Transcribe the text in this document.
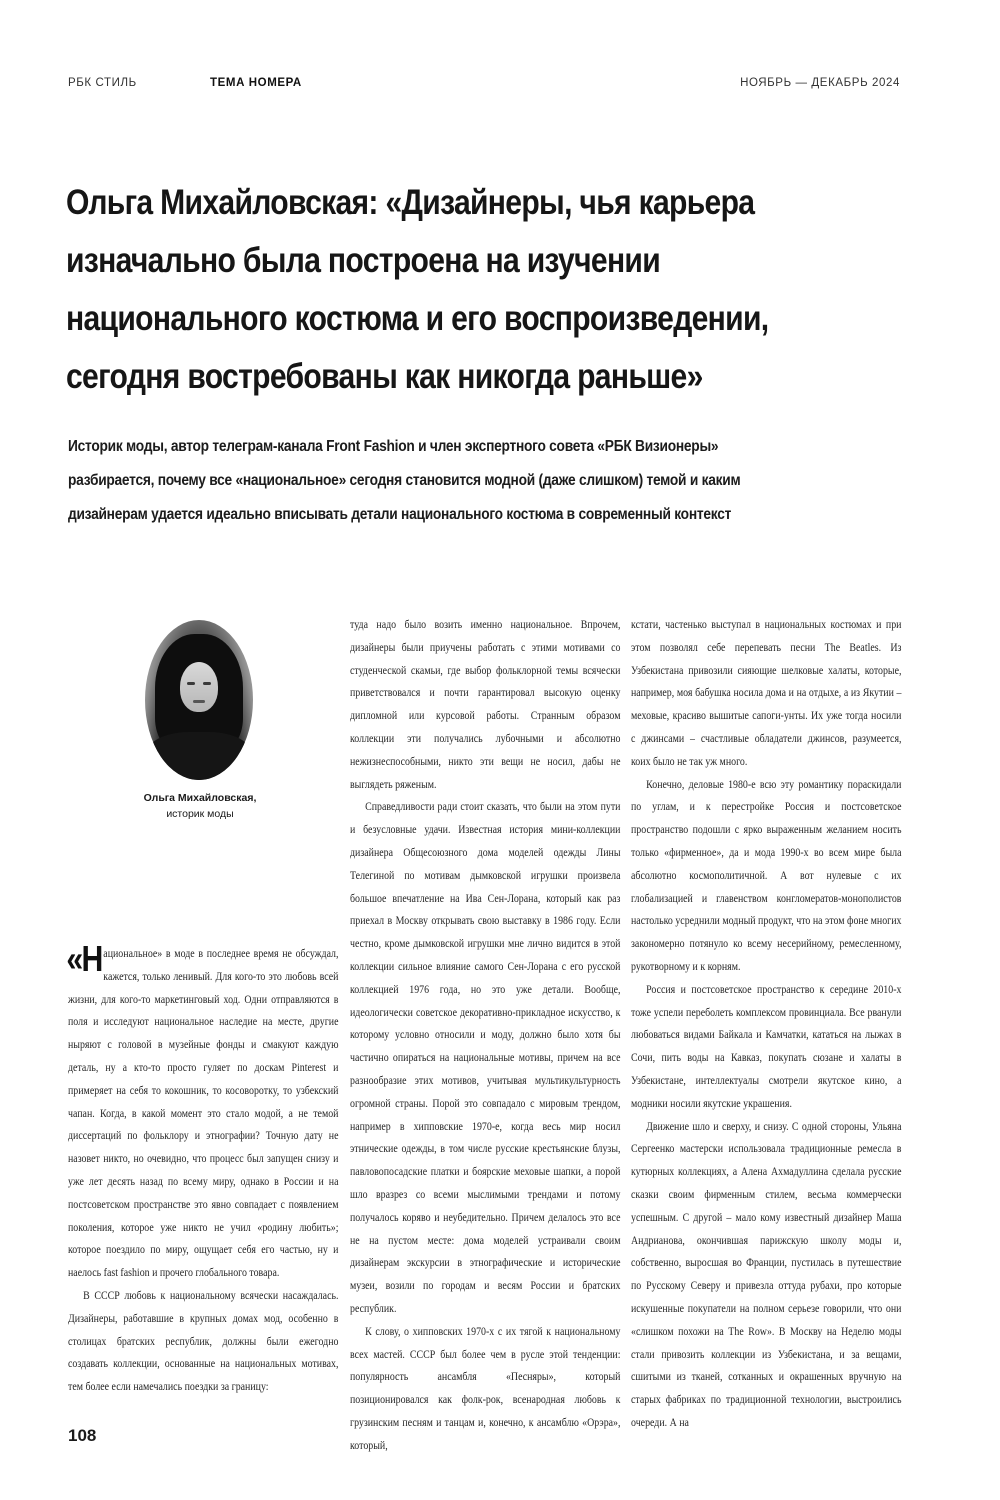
РБК СТИЛЬ	ТЕМА НОМЕРА	НОЯБРЬ — ДЕКАБРЬ 2024
Ольга Михайловская: «Дизайнеры, чья карьера
изначально была построена на изучении
национального костюма и его воспроизведении,
сегодня востребованы как никогда раньше»
Историк моды, автор телеграм-канала Front Fashion и член экспертного совета «РБК Визионеры»
разбирается, почему все «национальное» сегодня становится модной (даже слишком) темой и каким
дизайнерам удается идеально вписывать детали национального костюма в современный контекст
Ольга Михайловская,
историк моды

«Национальное» в моде в последнее время не обсуждал, кажется, только ленивый. Для кого-то это любовь всей жизни, для кого-то маркетинговый ход. Одни отправляются в поля и исследуют национальное наследие на месте, другие ныряют с головой в музейные фонды и смакуют каждую деталь, ну а кто-то просто гуляет по доскам Pinterest и примеряет на себя то кокошник, то косоворотку, то узбекский чапан. Когда, в какой момент это стало модой, а не темой диссертаций по фольклору и этнографии? Точную дату не назовет никто, но очевидно, что процесс был запущен снизу и уже лет десять назад по всему миру, однако в России и на постсоветском пространстве это явно совпадает с появлением поколения, которое уже никто не учил «родину любить»; которое поездило по миру, ощущает себя его частью, ну и наелось fast fashion и прочего глобального товара.

В СССР любовь к национальному всячески насаждалась. Дизайнеры, работавшие в крупных домах мод, особенно в столицах братских республик, должны были ежегодно создавать коллекции, основанные на национальных мотивах, тем более если намечались поездки за границу:

туда надо было возить именно национальное. Впрочем, дизайнеры были приучены работать с этими мотивами со студенческой скамьи, где выбор фольклорной темы всячески приветствовался и почти гарантировал высокую оценку дипломной или курсовой работы. Странным образом коллекции эти получались лубочными и абсолютно нежизнеспособными, никто эти вещи не носил, дабы не выглядеть ряженым.

Справедливости ради стоит сказать, что были на этом пути и безусловные удачи. Известная история мини-коллекции дизайнера Общесоюзного дома моделей одежды Лины Телегиной по мотивам дымковской игрушки произвела большое впечатление на Ива Сен-Лорана, который как раз приехал в Москву открывать свою выставку в 1986 году. Если честно, кроме дымковской игрушки мне лично видится в этой коллекции сильное влияние самого Сен-Лорана с его русской коллекцией 1976 года, но это уже детали. Вообще, идеологически советское декоративно-прикладное искусство, к которому условно относили и моду, должно было хотя бы частично опираться на национальные мотивы, причем на все разнообразие этих мотивов, учитывая мультикультурность огромной страны. Порой это совпадало с мировым трендом, например в хипповские 1970-е, когда весь мир носил этнические одежды, в том числе русские крестьянские блузы, павловопосадские платки и боярские меховые шапки, а порой шло вразрез со всеми мыслимыми трендами и потому получалось коряво и неубедительно. Причем делалось это все не на пустом месте: дома моделей устраивали своим дизайнерам экскурсии в этнографические и исторические музеи, возили по городам и весям России и братских республик.

К слову, о хипповских 1970-х с их тягой к национальному всех мастей. СССР был более чем в русле этой тенденции: популярность ансамбля «Песняры», который позиционировался как фолк-рок, всенародная любовь к грузинским песням и танцам и, конечно, к ансамблю «Орэра», который,

кстати, частенько выступал в национальных костюмах и при этом позволял себе перепевать песни The Beatles. Из Узбекистана привозили сияющие шелковые халаты, которые, например, моя бабушка носила дома и на отдыхе, а из Якутии – меховые, красиво вышитые сапоги-унты. Их уже тогда носили с джинсами – счастливые обладатели джинсов, разумеется, коих было не так уж много.

Конечно, деловые 1980-е всю эту романтику пораскидали по углам, и к перестройке Россия и постсоветское пространство подошли с ярко выраженным желанием носить только «фирменное», да и мода 1990-х во всем мире была абсолютно космополитичной. А вот нулевые с их глобализацией и главенством конгломератов-монополистов настолько усреднили модный продукт, что на этом фоне многих закономерно потянуло ко всему несерийному, ремесленному, рукотворному и к корням.

Россия и постсоветское пространство к середине 2010-х тоже успели переболеть комплексом провинциала. Все рванули любоваться видами Байкала и Камчатки, кататься на лыжах в Сочи, пить воды на Кавказ, покупать сюзане и халаты в Узбекистане, интеллектуалы смотрели якутское кино, а модники носили якутские украшения.

Движение шло и сверху, и снизу. С одной стороны, Ульяна Сергеенко мастерски использовала традиционные ремесла в кутюрных коллекциях, а Алена Ахмадуллина сделала русские сказки своим фирменным стилем, весьма коммерчески успешным. С другой – мало кому известный дизайнер Маша Андрианова, окончившая парижскую школу моды и, собственно, выросшая во Франции, пустилась в путешествие по Русскому Северу и привезла оттуда рубахи, про которые искушенные покупатели на полном серьезе говорили, что они «слишком похожи на The Row». В Москву на Неделю моды стали привозить коллекции из Узбекистана, и за вещами, сшитыми из тканей, сотканных и окрашенных вручную на старых фабриках по традиционной технологии, выстроились очереди. А на

108
